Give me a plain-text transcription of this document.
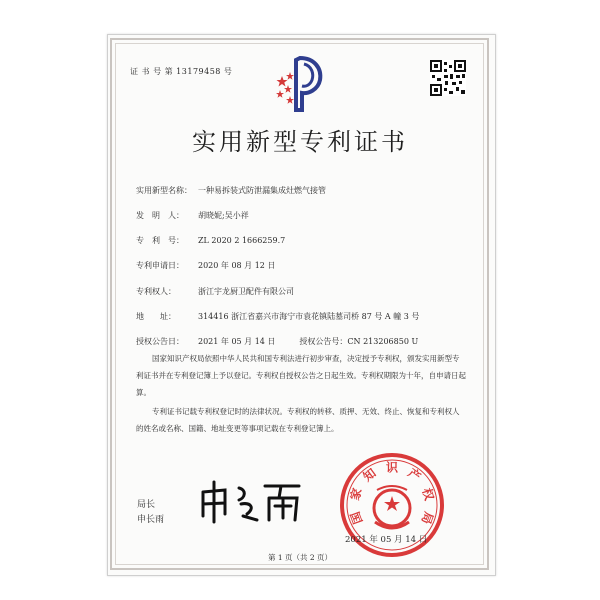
证 书 号 第 13179458 号
实用新型专利证书
实用新型名称： 一种易拆装式防泄漏集成灶燃气接管
发　明　人： 胡晓妮;吴小祥
专　利　号： ZL 2020 2 1666259.7
专利申请日： 2020 年 08 月 12 日
专利权人：	浙江宇龙厨卫配件有限公司
地　　址：	314416 浙江省嘉兴市海宁市袁花镇陆墓司桥 87 号 A 幢 3 号
授权公告日： 2021 年 05 月 14 日　　　授权公告号：CN 213206850 U
国家知识产权局依照中华人民共和国专利法进行初步审查，决定授予专利权，颁发实用新型专利证书并在专利登记簿上予以登记。专利权自授权公告之日起生效。专利权期限为十年，自申请日起算。
专利证书记载专利权登记时的法律状况。专利权的转移、质押、无效、终止、恢复和专利权人的姓名或名称、国籍、地址变更等事项记载在专利登记簿上。
局长
申长雨	国
家
知 识 产
权
局
2021 年 05 月 14 日
第 1 页（共 2 页）
